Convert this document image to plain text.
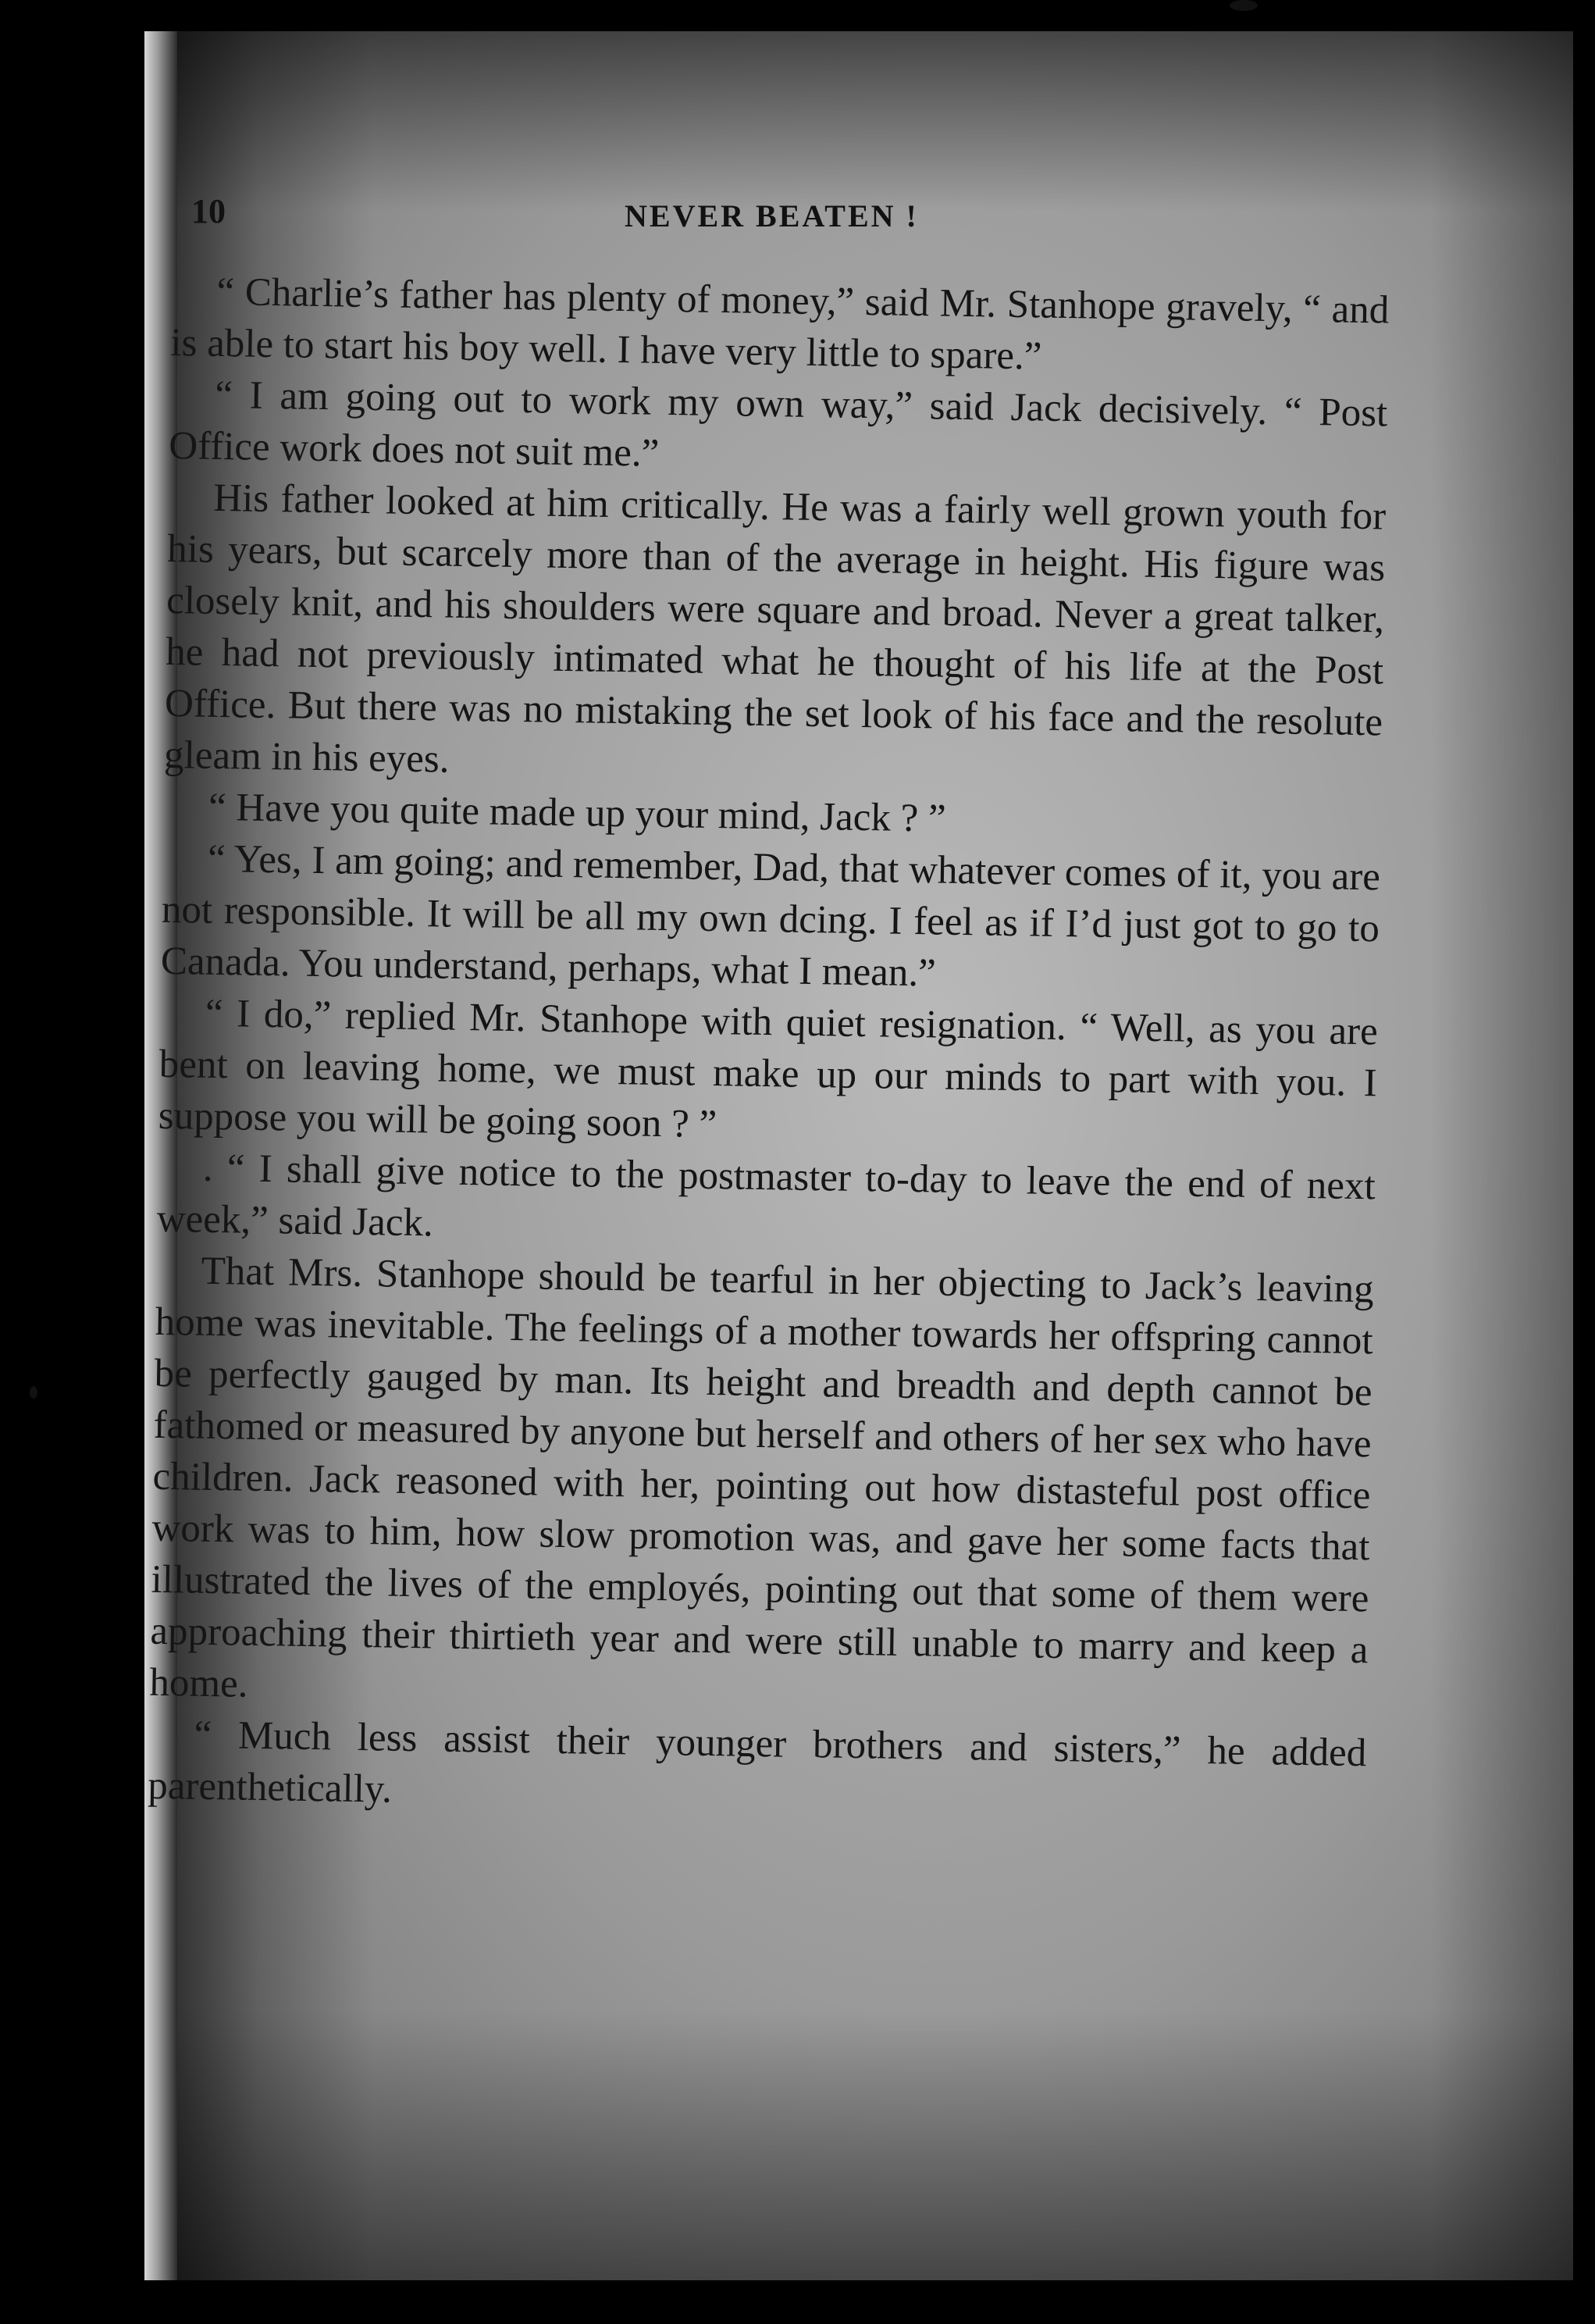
10	NEVER BEATEN !

“ Charlie’s father has plenty of money,” said Mr. Stanhope gravely, “ and is able to start his boy well. I have very little to spare.”

“ I am going out to work my own way,” said Jack decisively. “ Post Office work does not suit me.”

His father looked at him critically. He was a fairly well grown youth for his years, but scarcely more than of the average in height. His figure was closely knit, and his shoulders were square and broad. Never a great talker, he had not previously intimated what he thought of his life at the Post Office. But there was no mistaking the set look of his face and the resolute gleam in his eyes.

“ Have you quite made up your mind, Jack ? ”

“ Yes, I am going; and remember, Dad, that whatever comes of it, you are not responsible. It will be all my own dcing. I feel as if I’d just got to go to Canada. You understand, perhaps, what I mean.”

“ I do,” replied Mr. Stanhope with quiet resignation. “ Well, as you are bent on leaving home, we must make up our minds to part with you. I suppose you will be going soon ? ”

. “ I shall give notice to the postmaster to-day to leave the end of next week,” said Jack.

That Mrs. Stanhope should be tearful in her objecting to Jack’s leaving home was inevitable. The feelings of a mother towards her offspring cannot be perfectly gauged by man. Its height and breadth and depth cannot be fathomed or measured by anyone but herself and others of her sex who have children. Jack reasoned with her, pointing out how distasteful post office work was to him, how slow promotion was, and gave her some facts that illustrated the lives of the employés, pointing out that some of them were approaching their thirtieth year and were still unable to marry and keep a home.

“ Much less assist their younger brothers and sisters,” he added parenthetically.
